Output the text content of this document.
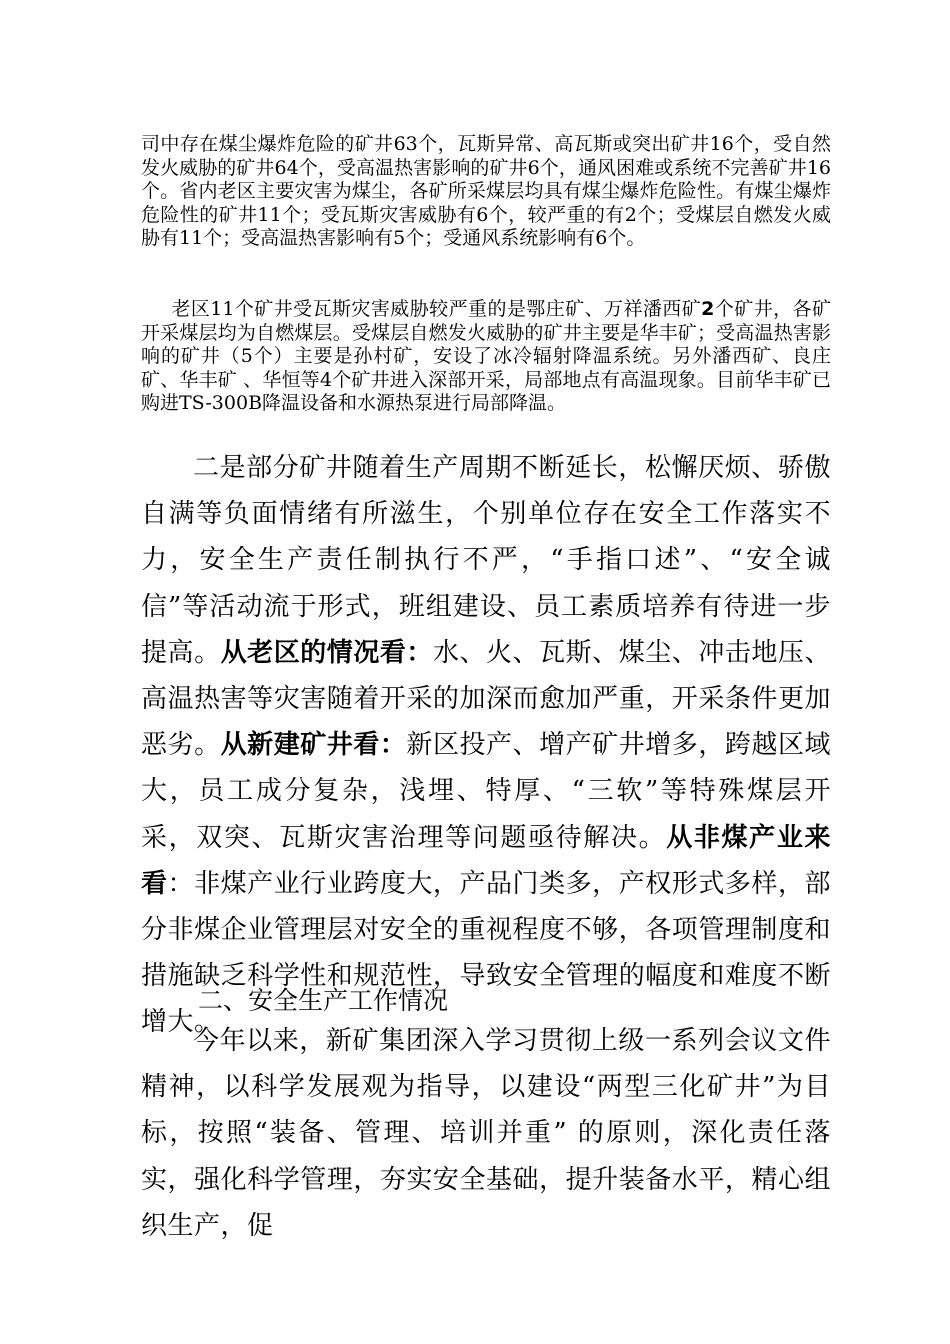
司中存在煤尘爆炸危险的矿井63个，瓦斯异常、高瓦斯或突出矿井16个，受自然发火威胁的矿井64个，受高温热害影响的矿井6个，通风困难或系统不完善矿井16个。省内老区主要灾害为煤尘，各矿所采煤层均具有煤尘爆炸危险性。有煤尘爆炸危险性的矿井11个；受瓦斯灾害威胁有6个，较严重的有2个；受煤层自燃发火威胁有11个；受高温热害影响有5个；受通风系统影响有6个。

老区11个矿井受瓦斯灾害威胁较严重的是鄂庄矿、万祥潘西矿2个矿井，各矿开采煤层均为自燃煤层。受煤层自燃发火威胁的矿井主要是华丰矿；受高温热害影响的矿井（5个）主要是孙村矿，安设了冰冷辐射降温系统。另外潘西矿、良庄矿、华丰矿 、华恒等4个矿井进入深部开采，局部地点有高温现象。目前华丰矿已购进TS-300B降温设备和水源热泵进行局部降温。

二是部分矿井随着生产周期不断延长，松懈厌烦、骄傲自满等负面情绪有所滋生，个别单位存在安全工作落实不力，安全生产责任制执行不严，“手指口述”、“安全诚信”等活动流于形式，班组建设、员工素质培养有待进一步提高。从老区的情况看：水、火、瓦斯、煤尘、冲击地压、高温热害等灾害随着开采的加深而愈加严重，开采条件更加恶劣。从新建矿井看：新区投产、增产矿井增多，跨越区域大，员工成分复杂，浅埋、特厚、“三软”等特殊煤层开采，双突、瓦斯灾害治理等问题亟待解决。从非煤产业来看：非煤产业行业跨度大，产品门类多，产权形式多样，部分非煤企业管理层对安全的重视程度不够，各项管理制度和措施缺乏科学性和规范性，导致安全管理的幅度和难度不断增大。

二、安全生产工作情况

今年以来，新矿集团深入学习贯彻上级一系列会议文件精神，以科学发展观为指导，以建设“两型三化矿井”为目标，按照“装备、管理、培训并重” 的原则，深化责任落实，强化科学管理，夯实安全基础，提升装备水平，精心组织生产，促
